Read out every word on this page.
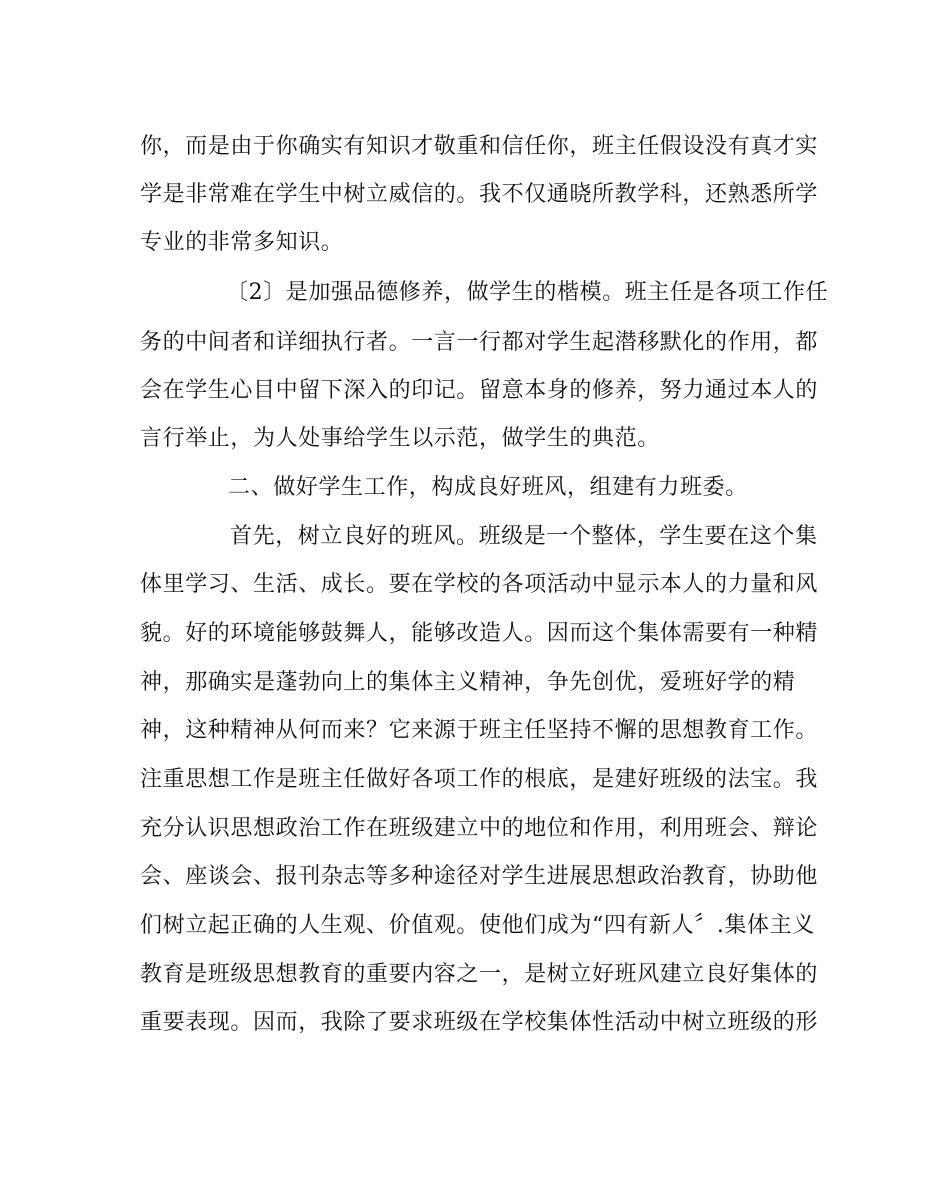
你，而是由于你确实有知识才敬重和信任你，班主任假设没有真才实
学是非常难在学生中树立威信的。我不仅通晓所教学科，还熟悉所学
专业的非常多知识。
〔2〕是加强品德修养，做学生的楷模。班主任是各项工作任
务的中间者和详细执行者。一言一行都对学生起潜移默化的作用，都
会在学生心目中留下深入的印记。留意本身的修养，努力通过本人的
言行举止，为人处事给学生以示范，做学生的典范。
二、做好学生工作，构成良好班风，组建有力班委。
首先，树立良好的班风。班级是一个整体，学生要在这个集
体里学习、生活、成长。要在学校的各项活动中显示本人的力量和风
貌。好的环境能够鼓舞人，能够改造人。因而这个集体需要有一种精
神，那确实是蓬勃向上的集体主义精神，争先创优，爱班好学的精
神，这种精神从何而来？它来源于班主任坚持不懈的思想教育工作。
注重思想工作是班主任做好各项工作的根底，是建好班级的法宝。我
充分认识思想政治工作在班级建立中的地位和作用，利用班会、辩论
会、座谈会、报刊杂志等多种途径对学生进展思想政治教育，协助他
们树立起正确的人生观、价值观。使他们成为“四有新人〞.集体主义
教育是班级思想教育的重要内容之一，是树立好班风建立良好集体的
重要表现。因而，我除了要求班级在学校集体性活动中树立班级的形
